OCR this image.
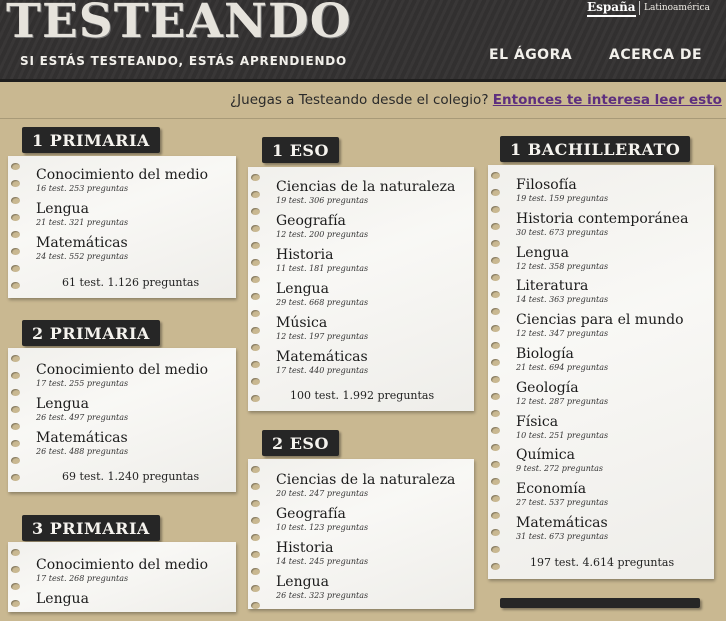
TESTEANDO
SI ESTÁS TESTEANDO, ESTÁS APRENDIENDO	EL ÁGORA	ACERCA DE
España Latinoamérica
¿Juegas a Testeando desde el colegio? Entonces te interesa leer esto
1 PRIMARIA
Conocimiento del medio
16 test. 253 preguntas
Lengua
21 test. 321 preguntas
Matemáticas
24 test. 552 preguntas
61 test. 1.126 preguntas
2 PRIMARIA
Conocimiento del medio
17 test. 255 preguntas
Lengua
26 test. 497 preguntas
Matemáticas
26 test. 488 preguntas
69 test. 1.240 preguntas
3 PRIMARIA
Conocimiento del medio
17 test. 268 preguntas
Lengua
1 ESO
Ciencias de la naturaleza
19 test. 306 preguntas
Geografía
12 test. 200 preguntas
Historia
11 test. 181 preguntas
Lengua
29 test. 668 preguntas
Música
12 test. 197 preguntas
Matemáticas
17 test. 440 preguntas
100 test. 1.992 preguntas
2 ESO
Ciencias de la naturaleza
20 test. 247 preguntas
Geografía
10 test. 123 preguntas
Historia
14 test. 245 preguntas
Lengua
26 test. 323 preguntas
1 BACHILLERATO
Filosofía
19 test. 159 preguntas
Historia contemporánea
30 test. 673 preguntas
Lengua
12 test. 358 preguntas
Literatura
14 test. 363 preguntas
Ciencias para el mundo
12 test. 347 preguntas
Biología
21 test. 694 preguntas
Geología
12 test. 287 preguntas
Física
10 test. 251 preguntas
Química
9 test. 272 preguntas
Economía
27 test. 537 preguntas
Matemáticas
31 test. 673 preguntas
197 test. 4.614 preguntas
